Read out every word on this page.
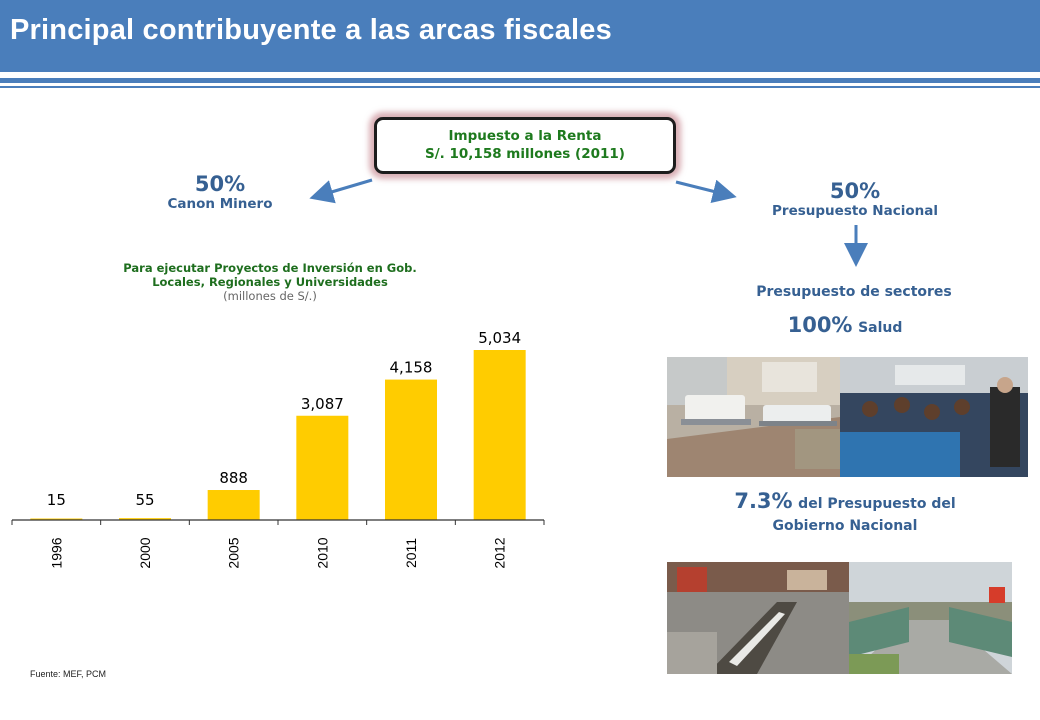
Principal contribuyente a las arcas fiscales
Impuesto a la Renta
S/. 10,158 millones (2011)
50%
Canon Minero
50%
Presupuesto Nacional
Para ejecutar Proyectos de Inversión en Gob.
Locales, Regionales y Universidades
(millones de S/.)
15
1996
55
2000
888
2005
3,087
2010
4,158
2011
5,034
2012
Presupuesto de sectores
100% Salud
7.3% del Presupuesto del
Gobierno Nacional
Fuente: MEF, PCM
